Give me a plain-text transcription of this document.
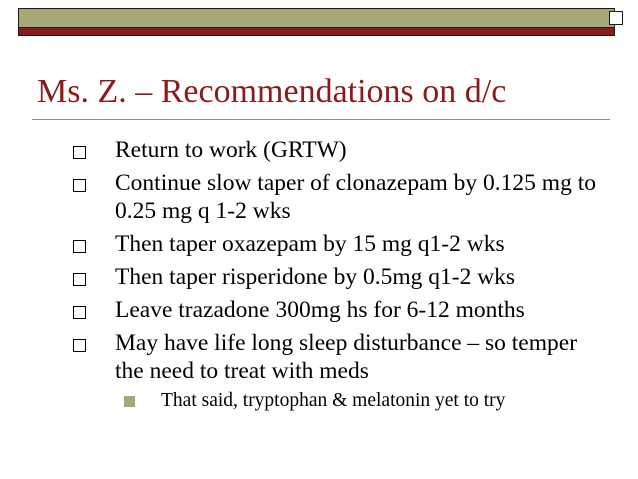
Ms. Z. – Recommendations on d/c
Return to work (GRTW)
Continue slow taper of clonazepam by 0.125 mg to 0.25 mg q 1-2 wks
Then taper oxazepam by 15 mg q1-2 wks
Then taper risperidone by 0.5mg q1-2 wks
Leave trazadone 300mg hs for 6-12 months
May have life long sleep disturbance – so temper the need to treat with meds
That said, tryptophan & melatonin yet to try
